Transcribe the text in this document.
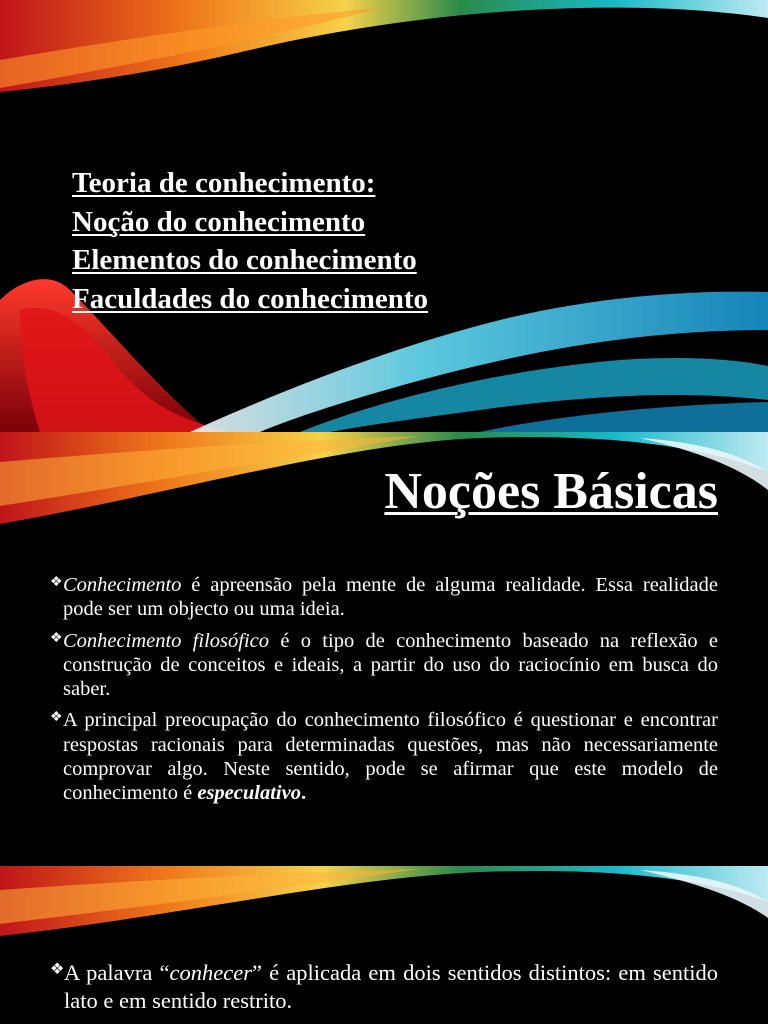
Teoria de conhecimento:
Noção do conhecimento
Elementos do conhecimento
Faculdades do conhecimento
Noções Básicas
❖ Conhecimento é apreensão pela mente de alguma realidade. Essa realidade pode ser um objecto ou uma ideia.
❖ Conhecimento filosófico é o tipo de conhecimento baseado na reflexão e construção de conceitos e ideais, a partir do uso do raciocínio em busca do saber.
❖ A principal preocupação do conhecimento filosófico é questionar e encontrar respostas racionais para determinadas questões, mas não necessariamente comprovar algo. Neste sentido, pode se afirmar que este modelo de conhecimento é especulativo.
❖ A palavra “conhecer” é aplicada em dois sentidos distintos: em sentido lato e em sentido restrito.
